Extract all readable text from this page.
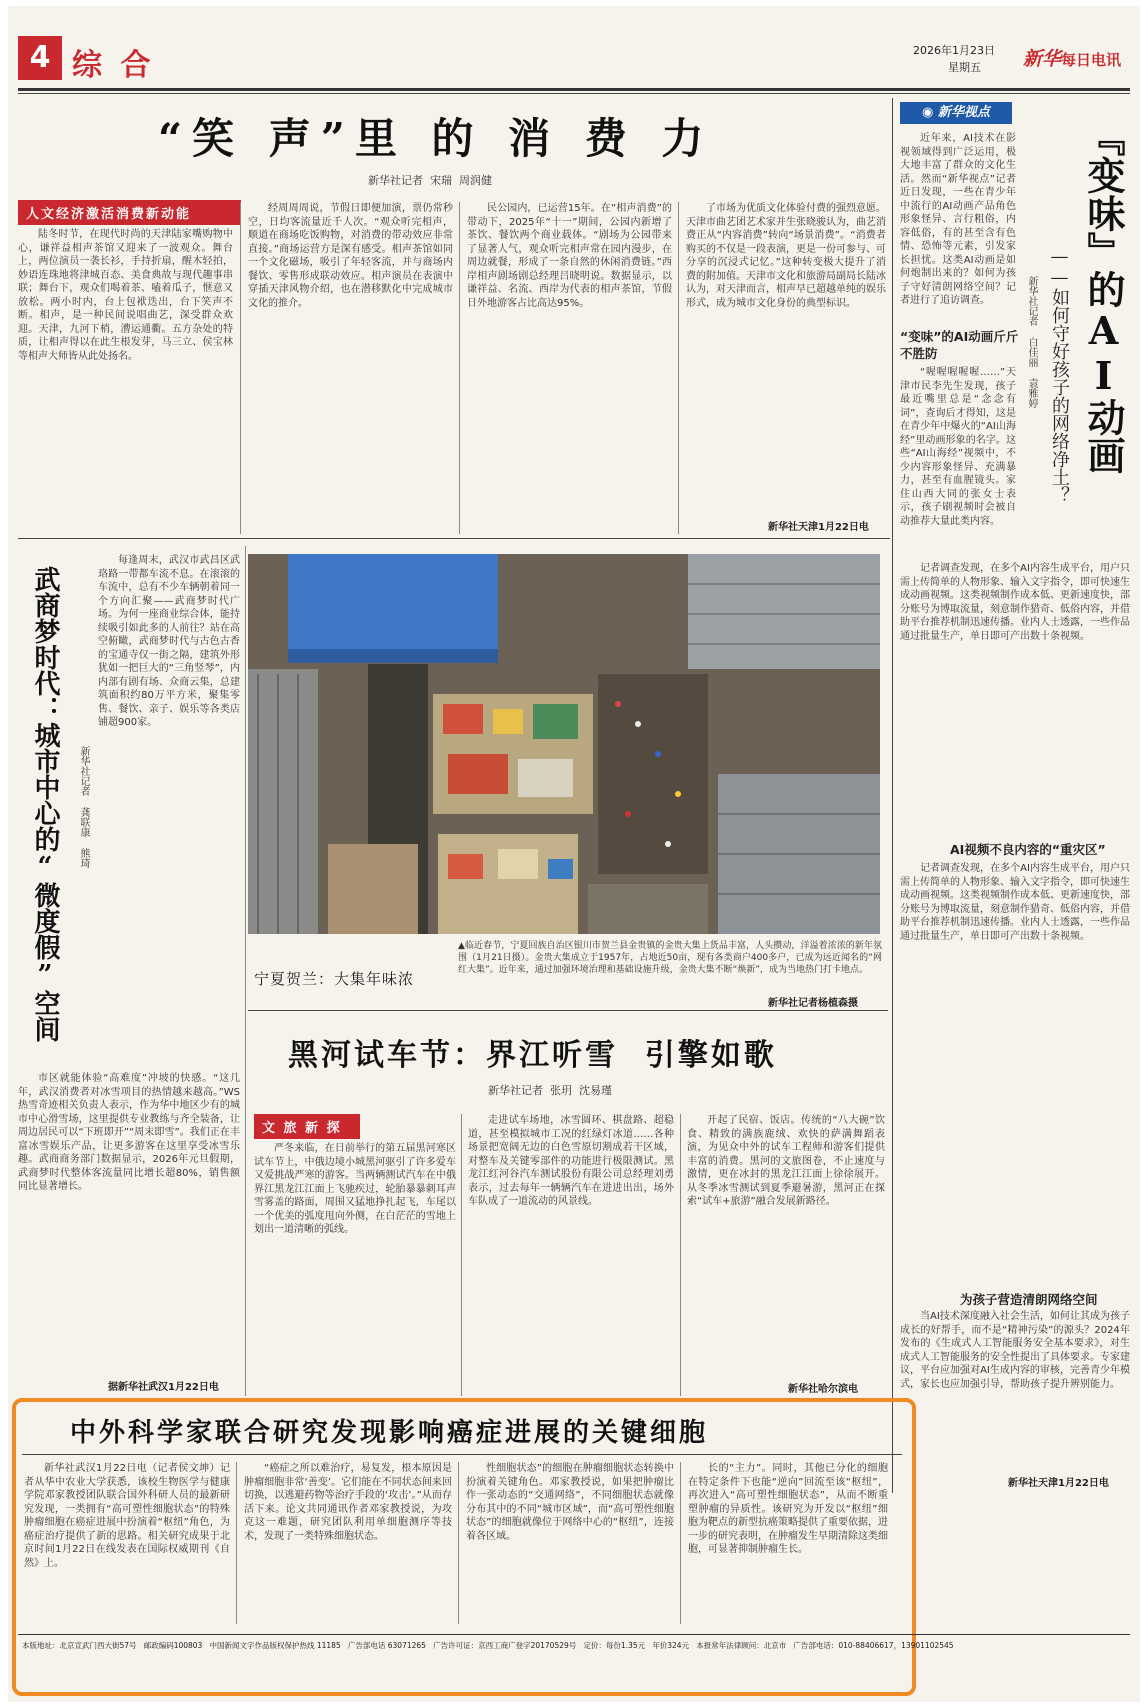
4 综 合	2026年1月23日
星期五 新华每日电讯
“笑 声”里 的 消 费 力
新华社记者  宋瑞  周润健
人文经济激活消费新动能

陆冬时节，在现代时尚的天津陆家嘴购物中心，谦祥益相声茶馆又迎来了一波观众。舞台上，两位演员一袭长衫，手持折扇，醒木轻拍，妙语连珠地将津城百态、美食典故与现代趣事串联；舞台下，观众们喝着茶、嗑着瓜子，惬意又放松。两小时内，台上包袱迭出，台下笑声不断。相声，是一种民间说唱曲艺，深受群众欢迎。天津，九河下梢，漕运通衢。五方杂处的特质，让相声得以在此生根发芽，马三立、侯宝林等相声大师皆从此处扬名。

经周周周说，节假日即便加演，票仍常秒空，日均客流量近千人次。“观众听完相声，顺道在商场吃饭购物，对消费的带动效应非常直接。”商场运营方是深有感受。相声茶馆如同一个文化磁场，吸引了年轻客流，并与商场内餐饮、零售形成联动效应。相声演员在表演中穿插天津风物介绍，也在潜移默化中完成城市文化的推介。

民公园内，已运营15年。在“相声消费”的带动下，2025年“十一”期间，公园内新增了茶饮、餐饮两个商业载体。“剧场为公园带来了显著人气，观众听完相声常在园内漫步，在周边就餐，形成了一条自然的休闲消费链。”西岸相声剧场剧总经理吕晓明说。数据显示，以谦祥益、名流、西岸为代表的相声茶馆，节假日外地游客占比高达95%。

了市场为优质文化体验付费的强烈意愿。天津市曲艺团艺术家并生张晓骏认为，曲艺消费正从“内容消费”转向“场景消费”。“消费者购买的不仅是一段表演，更是一份可参与、可分享的沉浸式记忆。”这种转变极大提升了消费的附加值。天津市文化和旅游局副局长陆冰认为，对天津而言，相声早已超越单纯的娱乐形式，成为城市文化身份的典型标识。

新华社天津1月22日电
武商梦时代：城市中心的“微度假”空间 新华社记者 龚联康 熊琦

每逢周末，武汉市武昌区武珞路一带都车流不息。在滚滚的车流中，总有不少车辆朝着同一个方向汇聚——武商梦时代广场。为何一座商业综合体，能持续吸引如此多的人前往？站在高空俯瞰，武商梦时代与古色古香的宝通寺仅一街之隔，建筑外形犹如一把巨大的“三角竖琴”，内内部有剧有场、众商云集，总建筑面积约80万平方米，聚集零售、餐饮、亲子、娱乐等各类店铺超900家。

市区就能体验“高难度”冲坡的快感。“这几年，武汉消费者对冰雪项目的热情越来越高。”WS热雪奇迹相关负责人表示，作为华中地区少有的城市中心滑雪场，这里提供专业教练与齐全装备，让周边居民可以“下班即开”“周末即雪”。我们正在丰富冰雪娱乐产品，让更多游客在这里享受冰雪乐趣。武商商务部门数据显示，2026年元旦假期，武商梦时代整体客流量同比增长超80%，销售额同比显著增长。

据新华社武汉1月22日电
宁夏贺兰：大集年味浓
▲临近春节，宁夏回族自治区银川市贺兰县金贵镇的金贵大集上货品丰富，人头攒动，洋溢着浓浓的新年氛围（1月21日摄）。金贵大集成立于1957年，占地近50亩，现有各类商户400多户，已成为远近闻名的“网红大集”。近年来，通过加强环境治理和基础设施升级，金贵大集不断“焕新”，成为当地热门打卡地点。
新华社记者杨植森摄
黑河试车节：界江听雪  引擎如歌
新华社记者  张玥  沈易瑾
文 旅 新 探

严冬来临，在日前举行的第五届黑河寒区试车节上，中俄边境小城黑河驱引了许多爱车又爱挑战严寒的游客。当两辆测试汽车在中俄界江黑龙江江面上飞驰疾过，轮胎暴暴刺耳声雪雾盖的路面，周围又猛地挣扎起飞，车尾以一个优美的弧度甩向外侧，在白茫茫的雪地上划出一道清晰的弧线。

走进试车场地，冰雪圆环、棋盘路、超稳道，甚至模拟城市工况的红绿灯冰道……各种场景把宽阔无边的白色雪原切割成若干区域，对整车及关键零部件的功能进行极限测试。黑龙江红河谷汽车测试股份有限公司总经理刘勇表示，过去每年一辆辆汽车在进进出出，场外车队成了一道流动的风景线。

开起了民宿、饭店。传统的“八大碗”饮食、精致的满族鹿绒、欢快的萨满舞蹈表演，为见众中外的试车工程师和游客们提供丰富的消费。黑河的文旅图卷，不止速度与激情，更在冰封的黑龙江江面上徐徐展开。从冬季冰雪测试到夏季避暑游，黑河正在探索“试车+旅游”融合发展新路径。

新华社哈尔滨电
◉ 新华视点
『变味』的AI动画
——如何守好孩子的网络净土？
新华社记者 白佳丽 袁雅婷

近年来，AI技术在影视领域得到广泛运用，极大地丰富了群众的文化生活。然而“新华视点”记者近日发现，一些在青少年中流行的AI动画产品角色形象怪异、言行粗俗，内容低俗，有的甚至含有色情、恐怖等元素，引发家长担忧。这类AI动画是如何炮制出来的？如何为孩子守好清朗网络空间？记者进行了追访调查。

“变味”的AI动画斤斤不胜防

“喔喔喔喔喔……”天津市民李先生发现，孩子最近嘴里总是“念念有词”，查询后才得知，这是在青少年中爆火的“AI山海经”里动画形象的名字。这些“AI山海经”视频中，不少内容形象怪异、充满暴力，甚至有血腥镜头。家住山西大同的张女士表示，孩子刷视频时会被自动推荐大量此类内容。

记者调查发现，在多个AI内容生成平台，用户只需上传简单的人物形象、输入文字指令，即可快速生成动画视频。这类视频制作成本低、更新速度快，部分账号为博取流量，刻意制作猎奇、低俗内容，并借助平台推荐机制迅速传播。业内人士透露，一些作品通过批量生产，单日即可产出数十条视频。

AI视频不良内容的“重灾区”

记者调查发现，在多个AI内容生成平台，用户只需上传简单的人物形象、输入文字指令，即可快速生成动画视频。这类视频制作成本低、更新速度快，部分账号为博取流量，刻意制作猎奇、低俗内容，并借助平台推荐机制迅速传播。业内人士透露，一些作品通过批量生产，单日即可产出数十条视频。

为孩子营造清朗网络空间

当AI技术深度融入社会生活，如何让其成为孩子成长的好帮手，而不是“精神污染”的源头？2024年发布的《生成式人工智能服务安全基本要求》，对生成式人工智能服务的安全性提出了具体要求。专家建议，平台应加强对AI生成内容的审核，完善青少年模式，家长也应加强引导，帮助孩子提升辨别能力。

新华社天津1月22日电
中外科学家联合研究发现影响癌症进展的关键细胞

新华社武汉1月22日电（记者侯文坤）记者从华中农业大学获悉，该校生物医学与健康学院邓家教授团队联合国外科研人员的最新研究发现，一类拥有“高可塑性细胞状态”的特殊肿瘤细胞在癌症进展中扮演着“枢纽”角色，为癌症治疗提供了新的思路。相关研究成果于北京时间1月22日在线发表在国际权威期刊《自然》上。

“癌症之所以难治疗，易复发，根本原因是肿瘤细胞非常‘善变’。它们能在不同状态间来回切换，以逃避药物等治疗手段的‘攻击’。”从而存活下来。论文共同通讯作者邓家教授说，为攻克这一难题，研究团队利用单细胞测序等技术，发现了一类特殊细胞状态。

性细胞状态”的细胞在肿瘤细胞状态转换中扮演着关键角色。邓家教授说，如果把肿瘤比作一张动态的“交通网络”，不同细胞状态就像分布其中的不同“城市区域”，而“高可塑性细胞状态”的细胞就像位于网络中心的“枢纽”，连接着各区域。

长的“主力”。同时，其他已分化的细胞在特定条件下也能“逆向”回流至该“枢纽”，再次进入“高可塑性细胞状态”，从而不断重塑肿瘤的异质性。该研究为开发以“枢纽”细胞为靶点的新型抗癌策略提供了重要依据，进一步的研究表明，在肿瘤发生早期清除这类细胞，可显著抑制肿瘤生长。

本版地址：北京宣武门西大街57号   邮政编码100803   中国新闻文字作品版权保护热线 11185   广告部电话 63071265   广告许可证：京西工商广登字20170529号   定价：每份1.35元   年价324元   本报常年法律顾问：北京市   广告部电话：010-88406617，13901102545
